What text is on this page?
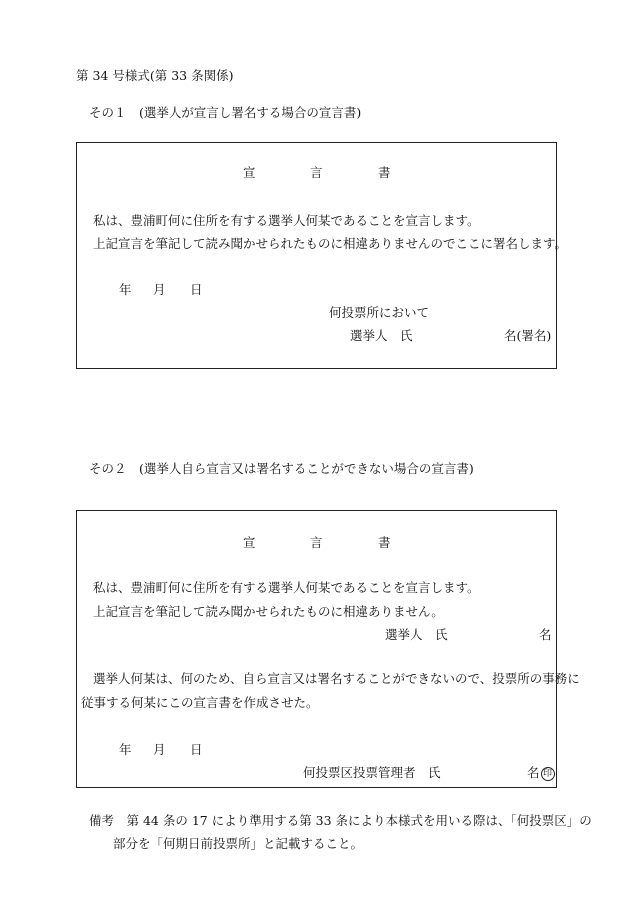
第 34 号様式(第 33 条関係)
その１　(選挙人が宣言し署名する場合の宣言書)
宣	言	書
私は、豊浦町何に住所を有する選挙人何某であることを宣言します。
上記宣言を筆記して読み聞かせられたものに相違ありませんのでここに署名します。
年 月 日
何投票所において
選挙人　氏	名(署名)
その２　(選挙人自ら宣言又は署名することができない場合の宣言書)
宣	言	書
私は、豊浦町何に住所を有する選挙人何某であることを宣言します。
上記宣言を筆記して読み聞かせられたものに相違ありません。
選挙人　氏	名
選挙人何某は、何のため、自ら宣言又は署名することができないので、投票所の事務に
従事する何某にこの宣言書を作成させた。
年 月 日
何投票区投票管理者　氏	名 印
備考　第 44 条の 17 により準用する第 33 条により本様式を用いる際は、「何投票区」の
部分を「何期日前投票所」と記載すること。
